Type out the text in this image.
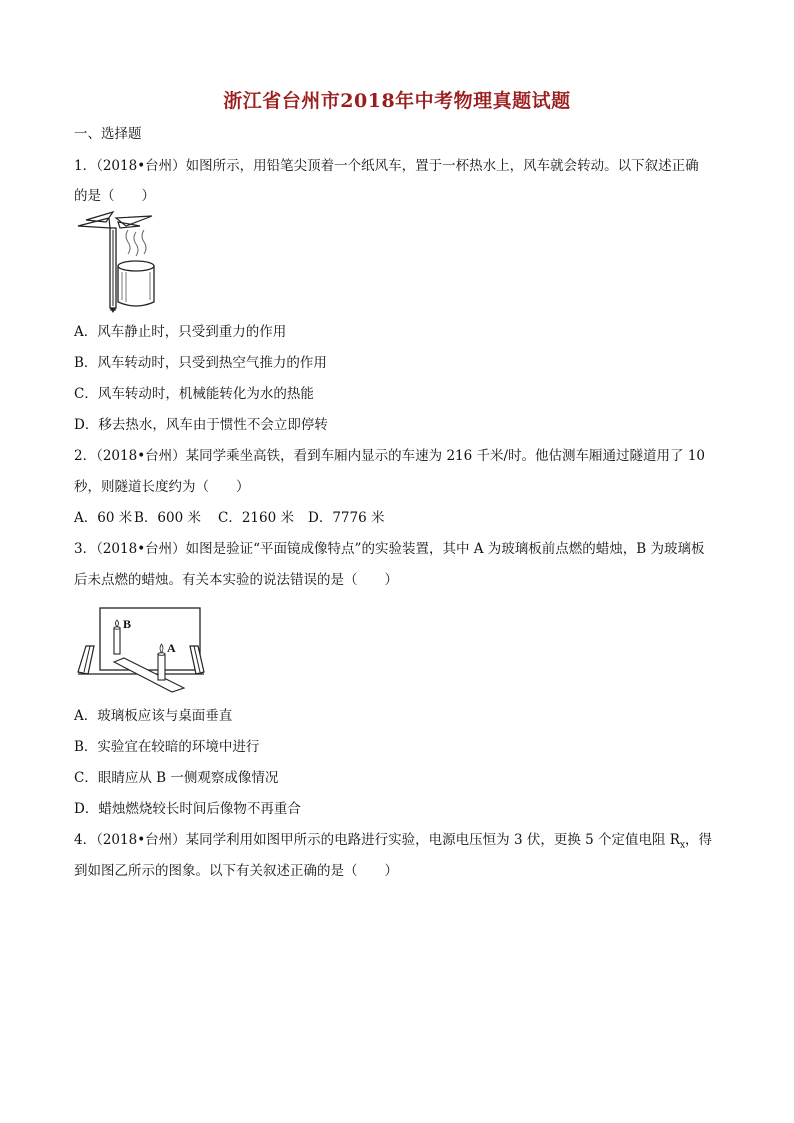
浙江省台州市2018年中考物理真题试题
一、选择题
1．（2018•台州）如图所示，用铅笔尖顶着一个纸风车，置于一杯热水上，风车就会转动。以下叙述正确
的是（　　）
A．风车静止时，只受到重力的作用
B．风车转动时，只受到热空气推力的作用
C．风车转动时，机械能转化为水的热能
D．移去热水，风车由于惯性不会立即停转
2．（2018•台州）某同学乘坐高铁，看到车厢内显示的车速为 216 千米/时。他估测车厢通过隧道用了 10
秒，则隧道长度约为（　　）
A．60 米 B．600 米 C．2160 米 D．7776 米
3．（2018•台州）如图是验证“平面镜成像特点”的实验装置，其中 A 为玻璃板前点燃的蜡烛，B 为玻璃板
后未点燃的蜡烛。有关本实验的说法错误的是（　　）
B
A
A．玻璃板应该与桌面垂直
B．实验宜在较暗的环境中进行
C．眼睛应从 B 一侧观察成像情况
D．蜡烛燃烧较长时间后像物不再重合
4．（2018•台州）某同学利用如图甲所示的电路进行实验，电源电压恒为 3 伏，更换 5 个定值电阻 $R_x$，得
到如图乙所示的图象。以下有关叙述正确的是（　　）
